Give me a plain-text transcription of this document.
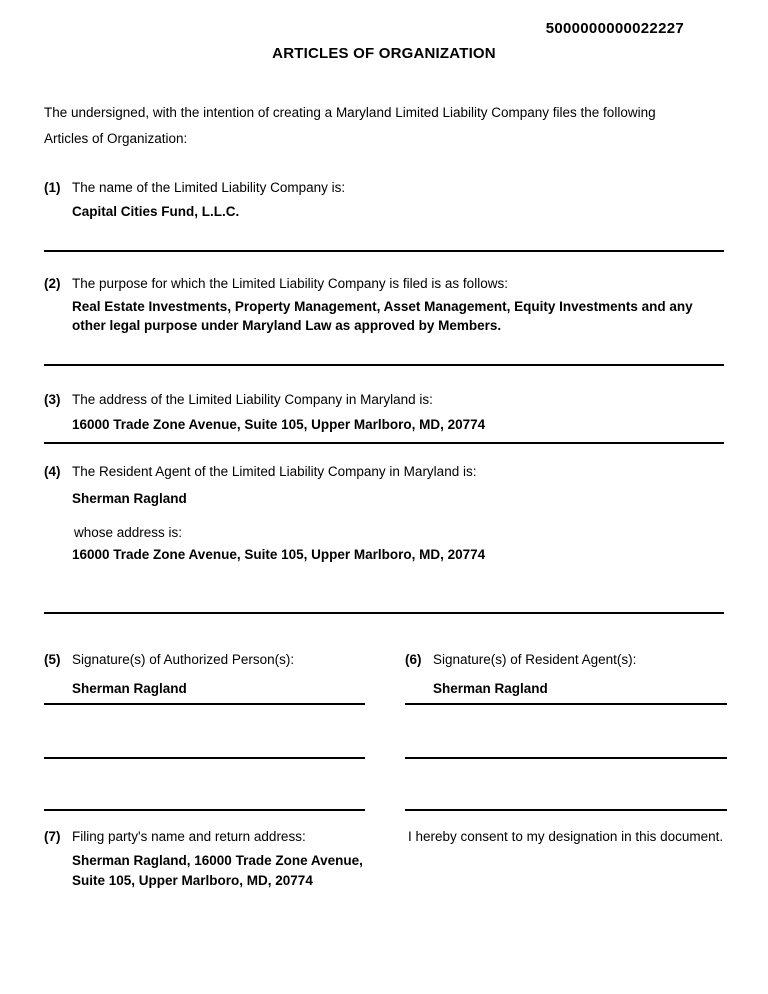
5000000000022227
ARTICLES OF ORGANIZATION
The undersigned, with the intention of creating a Maryland Limited Liability Company files the following Articles of Organization:
(1) The name of the Limited Liability Company is:
Capital Cities Fund, L.L.C.
(2) The purpose for which the Limited Liability Company is filed is as follows:
Real Estate Investments, Property Management, Asset Management, Equity Investments and any other legal purpose under Maryland Law as approved by Members.
(3) The address of the Limited Liability Company in Maryland is:
16000 Trade Zone Avenue, Suite 105, Upper Marlboro, MD, 20774
(4) The Resident Agent of the Limited Liability Company in Maryland is:
Sherman Ragland
whose address is:
16000 Trade Zone Avenue, Suite 105, Upper Marlboro, MD, 20774
(5) Signature(s) of Authorized Person(s):
Sherman Ragland
(6) Signature(s) of Resident Agent(s):
Sherman Ragland
(7) Filing party's name and return address:
Sherman Ragland, 16000 Trade Zone Avenue,
Suite 105, Upper Marlboro, MD, 20774
I hereby consent to my designation in this document.
